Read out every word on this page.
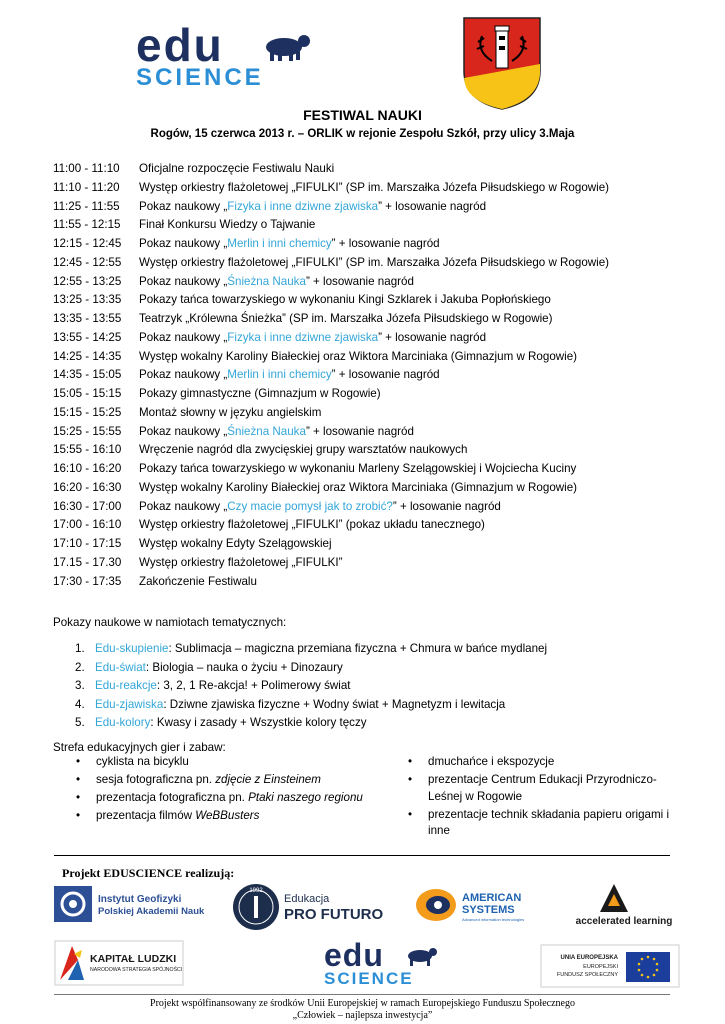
edu
SCIENCE
FESTIWAL NAUKI
Rogów, 15 czerwca 2013 r. – ORLIK w rejonie Zespołu Szkół, przy ulicy 3.Maja
11:00 - 11:10	Oficjalne rozpoczęcie Festiwalu Nauki
11:10 - 11:20	Występ orkiestry flażoletowej „FIFULKI” (SP im. Marszałka Józefa Piłsudskiego w Rogowie)
11:25 - 11:55	Pokaz naukowy „Fizyka i inne dziwne zjawiska” + losowanie nagród
11:55 - 12:15	Finał Konkursu Wiedzy o Tajwanie
12:15 - 12:45	Pokaz naukowy „Merlin i inni chemicy” + losowanie nagród
12:45 - 12:55	Występ orkiestry flażoletowej „FIFULKI” (SP im. Marszałka Józefa Piłsudskiego w Rogowie)
12:55 - 13:25	Pokaz naukowy „Śnieżna Nauka” + losowanie nagród
13:25 - 13:35	Pokazy tańca towarzyskiego w wykonaniu Kingi Szklarek i Jakuba Popłońskiego
13:35 - 13:55	Teatrzyk „Królewna Śnieżka” (SP im. Marszałka Józefa Piłsudskiego w Rogowie)
13:55 - 14:25	Pokaz naukowy „Fizyka i inne dziwne zjawiska” + losowanie nagród
14:25 - 14:35	Występ wokalny Karoliny Białeckiej oraz Wiktora Marciniaka (Gimnazjum w Rogowie)
14:35 - 15:05	Pokaz naukowy „Merlin i inni chemicy” + losowanie nagród
15:05 - 15:15	Pokazy gimnastyczne (Gimnazjum w Rogowie)
15:15 - 15:25	Montaż słowny w języku angielskim
15:25 - 15:55	Pokaz naukowy „Śnieżna Nauka” + losowanie nagród
15:55 - 16:10	Wręczenie nagród dla zwycięskiej grupy warsztatów naukowych
16:10 - 16:20	Pokazy tańca towarzyskiego w wykonaniu Marleny Szelągowskiej i Wojciecha Kuciny
16:20 - 16:30	Występ wokalny Karoliny Białeckiej oraz Wiktora Marciniaka (Gimnazjum w Rogowie)
16:30 - 17:00	Pokaz naukowy „Czy macie pomysł jak to zrobić?” + losowanie nagród
17:00 - 16:10	Występ orkiestry flażoletowej „FIFULKI” (pokaz układu tanecznego)
17:10 - 17:15	Występ wokalny Edyty Szelągowskiej
17.15 - 17.30	Występ orkiestry flażoletowej „FIFULKI”
17:30 - 17:35	Zakończenie Festiwalu
Pokazy naukowe w namiotach tematycznych:
1. Edu-skupienie: Sublimacja – magiczna przemiana fizyczna + Chmura w bańce mydlanej
2. Edu-świat: Biologia – nauka o życiu + Dinozaury
3. Edu-reakcje: 3, 2, 1 Re-akcja! + Polimerowy świat
4. Edu-zjawiska: Dziwne zjawiska fizyczne + Wodny świat + Magnetyzm i lewitacja
5. Edu-kolory: Kwasy i zasady + Wszystkie kolory tęczy
Strefa edukacyjnych gier i zabaw:
• cyklista na bicyklu
• sesja fotograficzna pn. zdjęcie z Einsteinem
• prezentacja fotograficzna pn. Ptaki naszego regionu
• prezentacja filmów WeBBusters
• dmuchańce i ekspozycje
• prezentacje Centrum Edukacji Przyrodniczo-Leśnej w Rogowie
• prezentacje technik składania papieru origami i inne
Projekt EDUSCIENCE realizują:
Instytut Geofizyki
Polskiej Akademii Nauk
1992
Edukacja
PRO FUTURO
AMERICAN
SYSTEMS
Advanced information technologies	accelerated learning
KAPITAŁ LUDZKI
NARODOWA STRATEGIA SPÓJNOŚCI	edu
SCIENCE
UNIA EUROPEJSKA
EUROPEJSKI
FUNDUSZ SPOŁECZNY
Projekt współfinansowany ze środków Unii Europejskiej w ramach Europejskiego Funduszu Społecznego
„Człowiek – najlepsza inwestycja”
